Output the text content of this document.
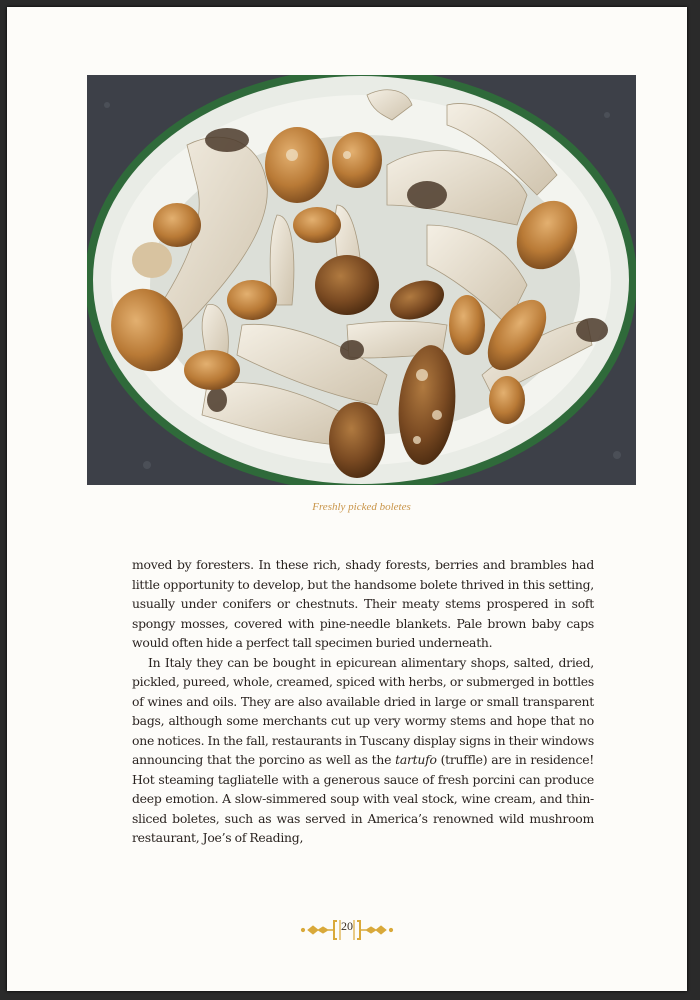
Freshly picked boletes

moved by foresters. In these rich, shady forests, berries and brambles had little opportunity to develop, but the handsome bolete thrived in this setting, usually under conifers or chestnuts. Their meaty stems prospered in soft spongy mosses, covered with pine-needle blankets. Pale brown baby caps would often hide a perfect tall specimen buried underneath.

In Italy they can be bought in epicurean alimentary shops, salted, dried, pickled, pureed, whole, creamed, spiced with herbs, or submerged in bottles of wines and oils. They are also available dried in large or small transparent bags, although some merchants cut up very wormy stems and hope that no one notices. In the fall, restaurants in Tuscany display signs in their windows announcing that the porcino as well as the tartufo (truffle) are in residence! Hot steaming tagliatelle with a generous sauce of fresh porcini can produce deep emotion. A slow-simmered soup with veal stock, wine cream, and thin-sliced boletes, such as was served in America’s renowned wild mushroom restaurant, Joe’s of Reading,

20
